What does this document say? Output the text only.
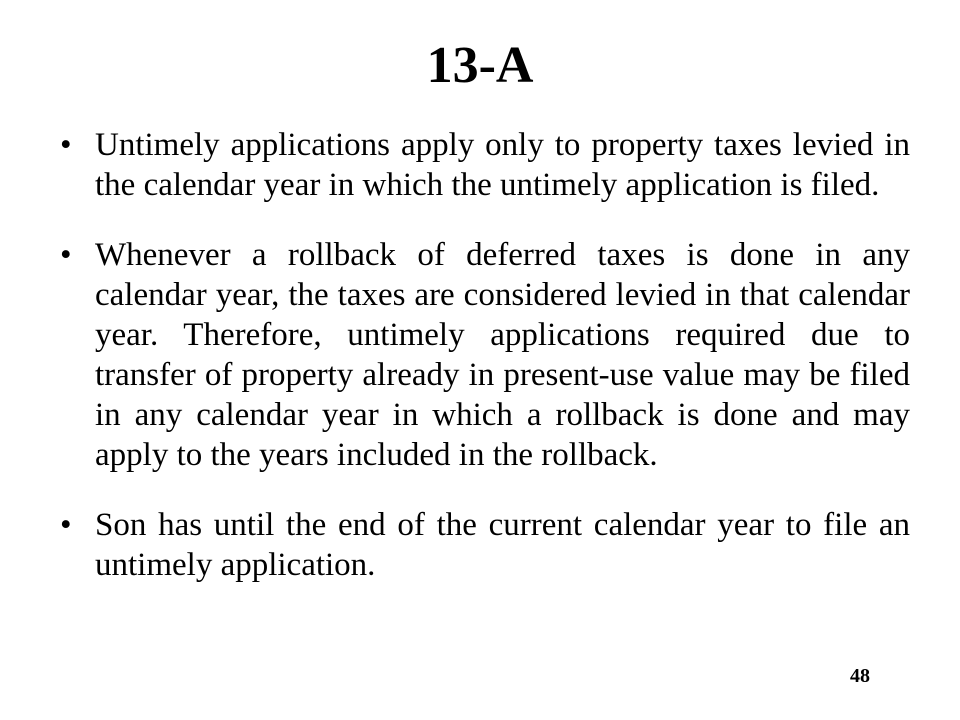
13-A
• Untimely applications apply only to property taxes levied in the calendar year in which the untimely application is filed.
• Whenever a rollback of deferred taxes is done in any calendar year, the taxes are considered levied in that calendar year. Therefore, untimely applications required due to transfer of property already in present-use value may be filed in any calendar year in which a rollback is done and may apply to the years included in the rollback.
• Son has until the end of the current calendar year to file an untimely application.
48
